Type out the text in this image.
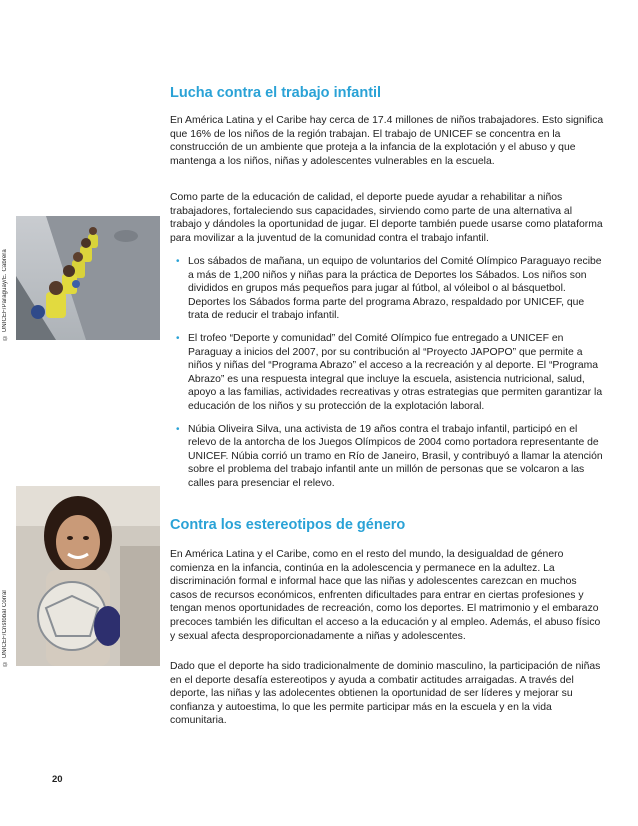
© UNICEF/Paraguay/E. Cabrera
© UNICEF/Cristóbal Corral
Lucha contra el trabajo infantil

En América Latina y el Caribe hay cerca de 17.4 millones de niños trabajadores. Esto significa que 16% de los niños de la región trabajan. El trabajo de UNICEF se concentra en la construcción de un ambiente que proteja a la infancia de la explotación y el abuso y que mantenga a los niños, niñas y adolescentes vulnerables en la escuela.

Como parte de la educación de calidad, el deporte puede ayudar a rehabilitar a niños trabajadores, fortaleciendo sus capacidades, sirviendo como parte de una alternativa al trabajo y dándoles la oportunidad de jugar. El deporte también puede usarse como plataforma para movilizar a la juventud de la comunidad contra el trabajo infantil.

• Los sábados de mañana, un equipo de voluntarios del Comité Olímpico Paraguayo recibe a más de 1,200 niños y niñas para la práctica de Deportes los Sábados. Los niños son divididos en grupos más pequeños para jugar al fútbol, al vóleibol o al básquetbol. Deportes los Sábados forma parte del programa Abrazo, respaldado por UNICEF, que trata de reducir el trabajo infantil.
• El trofeo “Deporte y comunidad” del Comité Olímpico fue entregado a UNICEF en Paraguay a inicios del 2007, por su contribución al “Proyecto JAPOPO” que permite a niños y niñas del “Programa Abrazo” el acceso a la recreación y al deporte. El “Programa Abrazo” es una respuesta integral que incluye la escuela, asistencia nutricional, salud, apoyo a las familias, actividades recreativas y otras estrategias que permiten garantizar la educación de los niños y su protección de la explotación laboral.
• Núbia Oliveira Silva, una activista de 19 años contra el trabajo infantil, participó en el relevo de la antorcha de los Juegos Olímpicos de 2004 como portadora representante de UNICEF. Núbia corrió un tramo en Río de Janeiro, Brasil, y contribuyó a llamar la atención sobre el problema del trabajo infantil ante un millón de personas que se volcaron a las calles para presenciar el relevo.
Contra los estereotipos de género

En América Latina y el Caribe, como en el resto del mundo, la desigualdad de género comienza en la infancia, continúa en la adolescencia y permanece en la adultez. La discriminación formal e informal hace que las niñas y adolescentes carezcan en muchos casos de recursos económicos, enfrenten dificultades para entrar en ciertas profesiones y tengan menos oportunidades de recreación, como los deportes. El matrimonio y el embarazo precoces también les dificultan el acceso a la educación y al empleo. Además, el abuso físico y sexual afecta desproporcionadamente a niñas y adolescentes.

Dado que el deporte ha sido tradicionalmente de dominio masculino, la participación de niñas en el deporte desafía estereotipos y ayuda a combatir actitudes arraigadas. A través del deporte, las niñas y las adolecentes obtienen la oportunidad de ser líderes y mejorar su confianza y autoestima, lo que les permite participar más en la escuela y en la vida comunitaria.

20
